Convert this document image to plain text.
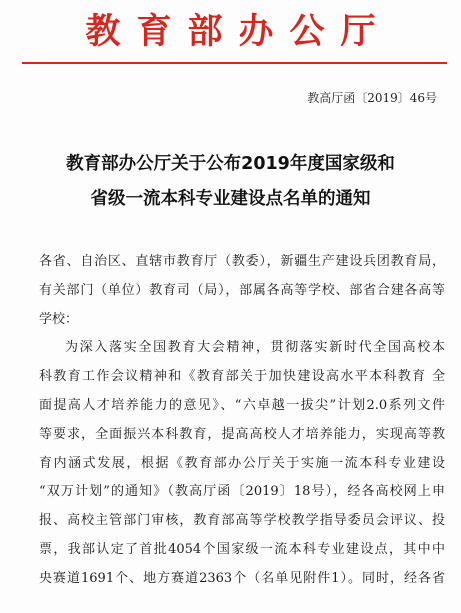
教育部办公厅
教高厅函〔2019〕46号
教育部办公厅关于公布2019年度国家级和
省级一流本科专业建设点名单的通知
各省、自治区、直辖市教育厅（教委），新疆生产建设兵团教育局，
有关部门（单位）教育司（局），部属各高等学校、部省合建各高等
学校：
为深入落实全国教育大会精神，贯彻落实新时代全国高校本
科教育工作会议精神和《教育部关于加快建设高水平本科教育 全
面提高人才培养能力的意见》、“六卓越一拔尖”计划2.0系列文件
等要求，全面振兴本科教育，提高高校人才培养能力，实现高等教
育内涵式发展，根据《教育部办公厅关于实施一流本科专业建设
“双万计划”的通知》（教高厅函〔2019〕18号），经各高校网上申
报、高校主管部门审核，教育部高等学校教学指导委员会评议、投
票，我部认定了首批4054个国家级一流本科专业建设点，其中中
央赛道1691个、地方赛道2363个（名单见附件1）。同时，经各省
